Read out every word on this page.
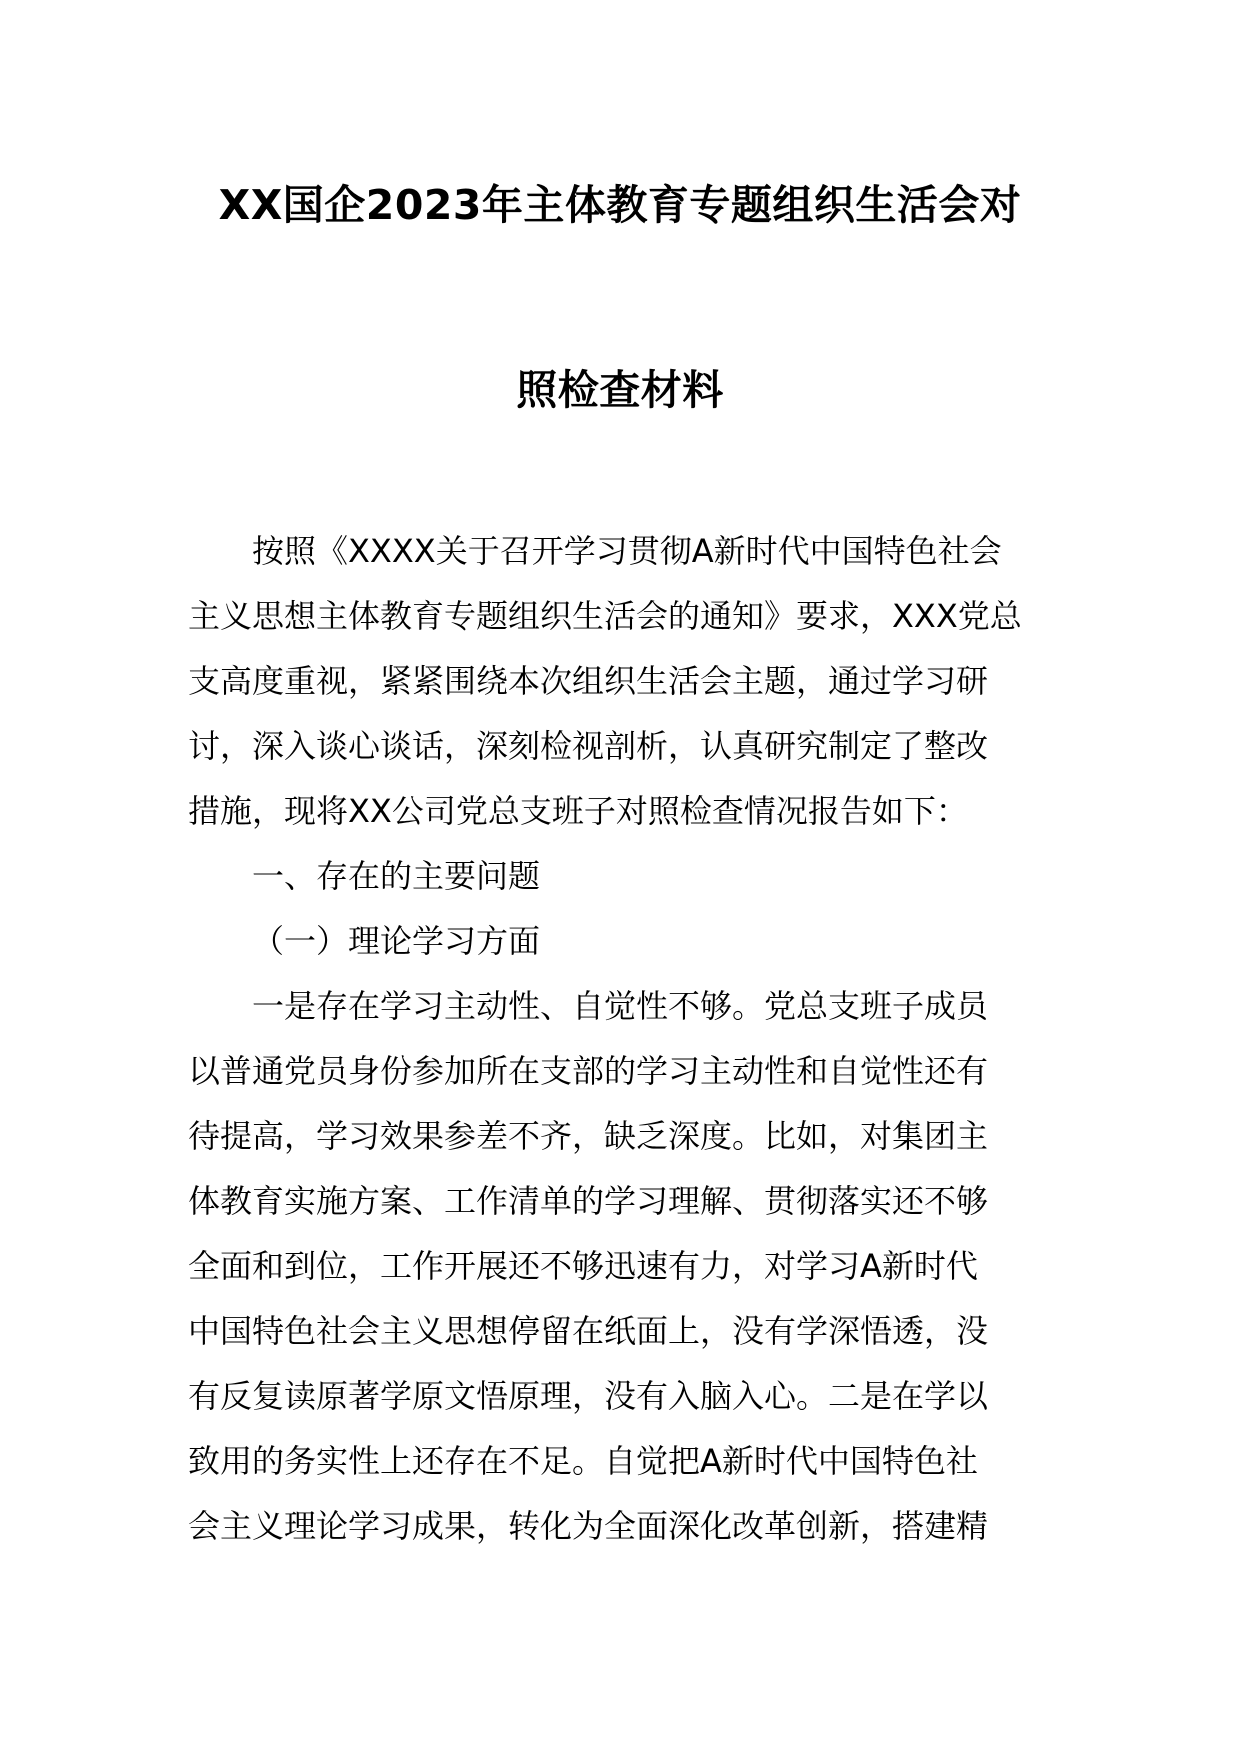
XX国企2023年主体教育专题组织生活会对
照检查材料
按照《XXXX关于召开学习贯彻A新时代中国特色社会
主义思想主体教育专题组织生活会的通知》要求，XXX党总
支高度重视，紧紧围绕本次组织生活会主题，通过学习研
讨，深入谈心谈话，深刻检视剖析，认真研究制定了整改
措施，现将XX公司党总支班子对照检查情况报告如下：
一、存在的主要问题
（一）理论学习方面
一是存在学习主动性、自觉性不够。党总支班子成员
以普通党员身份参加所在支部的学习主动性和自觉性还有
待提高，学习效果参差不齐，缺乏深度。比如，对集团主
体教育实施方案、工作清单的学习理解、贯彻落实还不够
全面和到位，工作开展还不够迅速有力，对学习A新时代
中国特色社会主义思想停留在纸面上，没有学深悟透，没
有反复读原著学原文悟原理，没有入脑入心。二是在学以
致用的务实性上还存在不足。自觉把A新时代中国特色社
会主义理论学习成果，转化为全面深化改革创新，搭建精
